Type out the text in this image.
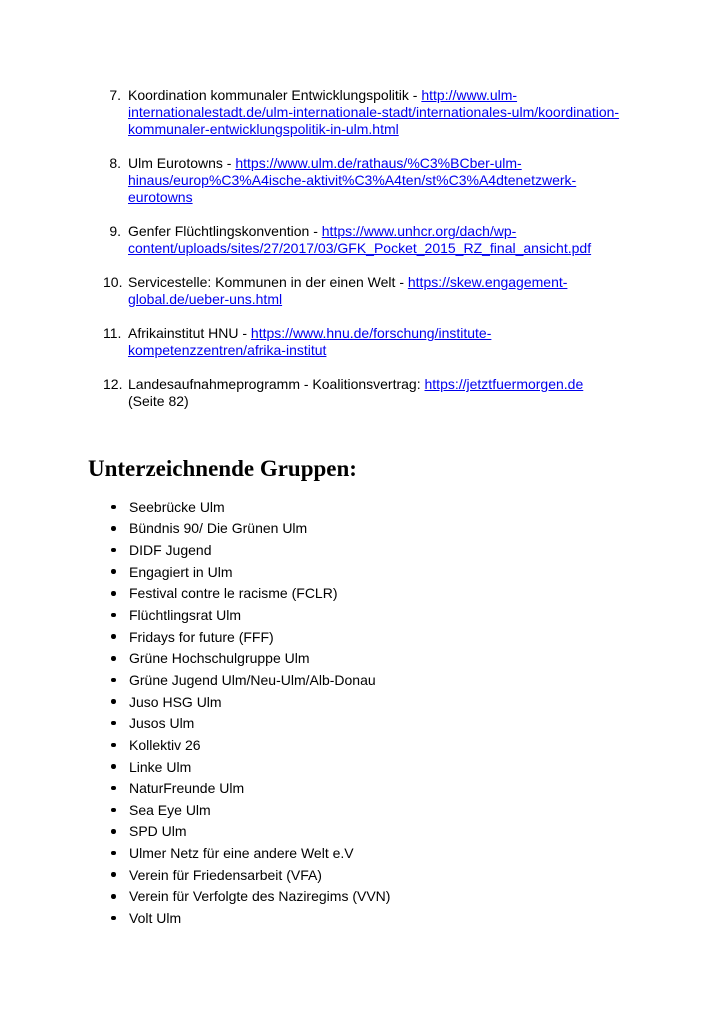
7. Koordination kommunaler Entwicklungspolitik - http://www.ulm-internationalestadt.de/ulm-internationale-stadt/internationales-ulm/koordination-kommunaler-entwicklungspolitik-in-ulm.html
8. Ulm Eurotowns - https://www.ulm.de/rathaus/%C3%BCber-ulm-hinaus/europ%C3%A4ische-aktivit%C3%A4ten/st%C3%A4dtenetzwerk-eurotowns
9. Genfer Flüchtlingskonvention - https://www.unhcr.org/dach/wp-content/uploads/sites/27/2017/03/GFK_Pocket_2015_RZ_final_ansicht.pdf
10. Servicestelle: Kommunen in der einen Welt - https://skew.engagement-global.de/ueber-uns.html
11. Afrikainstitut HNU - https://www.hnu.de/forschung/institute-kompetenzzentren/afrika-institut
12. Landesaufnahmeprogramm - Koalitionsvertrag: https://jetztfuermorgen.de (Seite 82)
Unterzeichnende Gruppen:
Seebrücke Ulm
Bündnis 90/ Die Grünen Ulm
DIDF Jugend
Engagiert in Ulm
Festival contre le racisme (FCLR)
Flüchtlingsrat Ulm
Fridays for future (FFF)
Grüne Hochschulgruppe Ulm
Grüne Jugend Ulm/Neu-Ulm/Alb-Donau
Juso HSG Ulm
Jusos Ulm
Kollektiv 26
Linke Ulm
NaturFreunde Ulm
Sea Eye Ulm
SPD Ulm
Ulmer Netz für eine andere Welt e.V
Verein für Friedensarbeit (VFA)
Verein für Verfolgte des Naziregims (VVN)
Volt Ulm
